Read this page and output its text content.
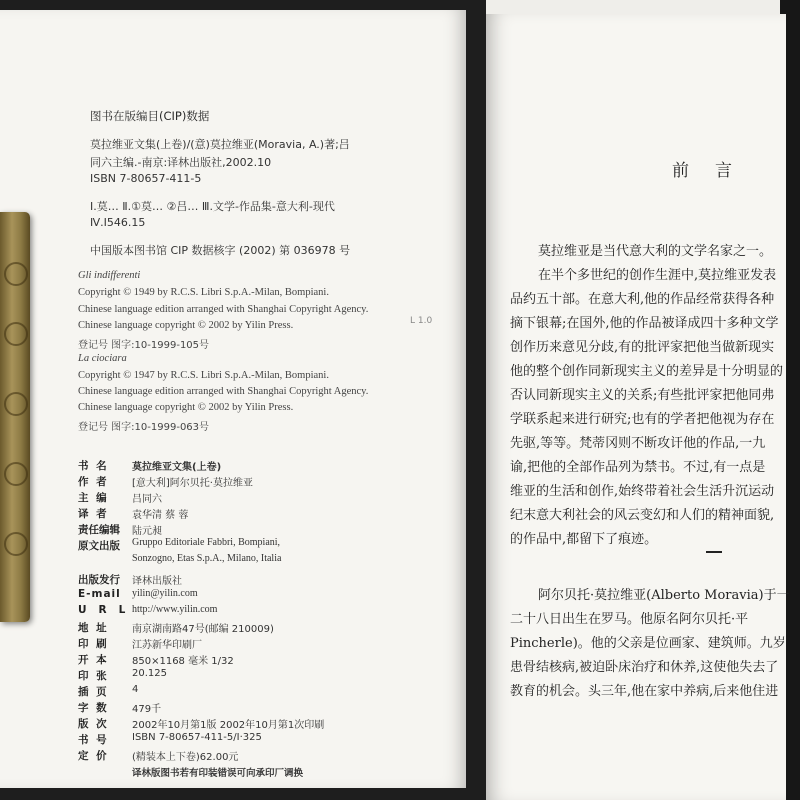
图书在版编目(CIP)数据
莫拉维亚文集(上卷)/(意)莫拉维亚(Moravia, A.)著;吕
同六主编.-南京:译林出版社,2002.10
ISBN 7-80657-411-5
Ⅰ.莫… Ⅱ.①莫… ②吕… Ⅲ.文学-作品集-意大利-现代
Ⅳ.I546.15
中国版本图书馆 CIP 数据核字 (2002) 第 036978 号
Gli indifferenti
Copyright © 1949 by R.C.S. Libri S.p.A.-Milan, Bompiani.
Chinese language edition arranged with Shanghai Copyright Agency.
Chinese language copyright © 2002 by Yilin Press.
登记号 图字:10-1999-105号
La ciociara
Copyright © 1947 by R.C.S. Libri S.p.A.-Milan, Bompiani.
Chinese language edition arranged with Shanghai Copyright Agency.
Chinese language copyright © 2002 by Yilin Press.
登记号 图字:10-1999-063号
L 1.0
书 名 莫拉维亚文集(上卷)
作 者 [意大利]阿尔贝托·莫拉维亚
主 编 吕同六
译 者 袁华清 蔡 蓉
责任编辑 陆元昶
原文出版 Gruppo Editoriale Fabbri, Bompiani,
Sonzogno, Etas S.p.A., Milano, Italia
出版发行 译林出版社
E-mail yilin@yilin.com
URL
http://www.yilin.com
地 址 南京湖南路47号(邮编 210009)
印 刷 江苏新华印刷厂
开 本 850×1168 毫米 1/32
印 张 20.125
插 页 4
字 数 479千
版 次 2002年10月第1版 2002年10月第1次印刷
书 号 ISBN 7-80657-411-5/I·325
定 价 (精装本上下卷)62.00元
译林版图书若有印装错误可向承印厂调换
前言
莫拉维亚是当代意大利的文学名家之一。
在半个多世纪的创作生涯中,莫拉维亚发表
品约五十部。在意大利,他的作品经常获得各种
摘下银幕;在国外,他的作品被译成四十多种文学
创作历来意见分歧,有的批评家把他当做新现实
他的整个创作同新现实主义的差异是十分明显的
否认同新现实主义的关系;有些批评家把他同弗
学联系起来进行研究;也有的学者把他视为存在
先驱,等等。梵蒂冈则不断攻讦他的作品,一九
谕,把他的全部作品列为禁书。不过,有一点是
维亚的生活和创作,始终带着社会生活升沉运动
纪末意大利社会的风云变幻和人们的精神面貌,
的作品中,都留下了痕迹。
阿尔贝托·莫拉维亚(Alberto Moravia)于一
二十八日出生在罗马。他原名阿尔贝托·平
Pincherle)。他的父亲是位画家、建筑师。九岁
患骨结核病,被迫卧床治疗和休养,这使他失去了
教育的机会。头三年,他在家中养病,后来他住进
